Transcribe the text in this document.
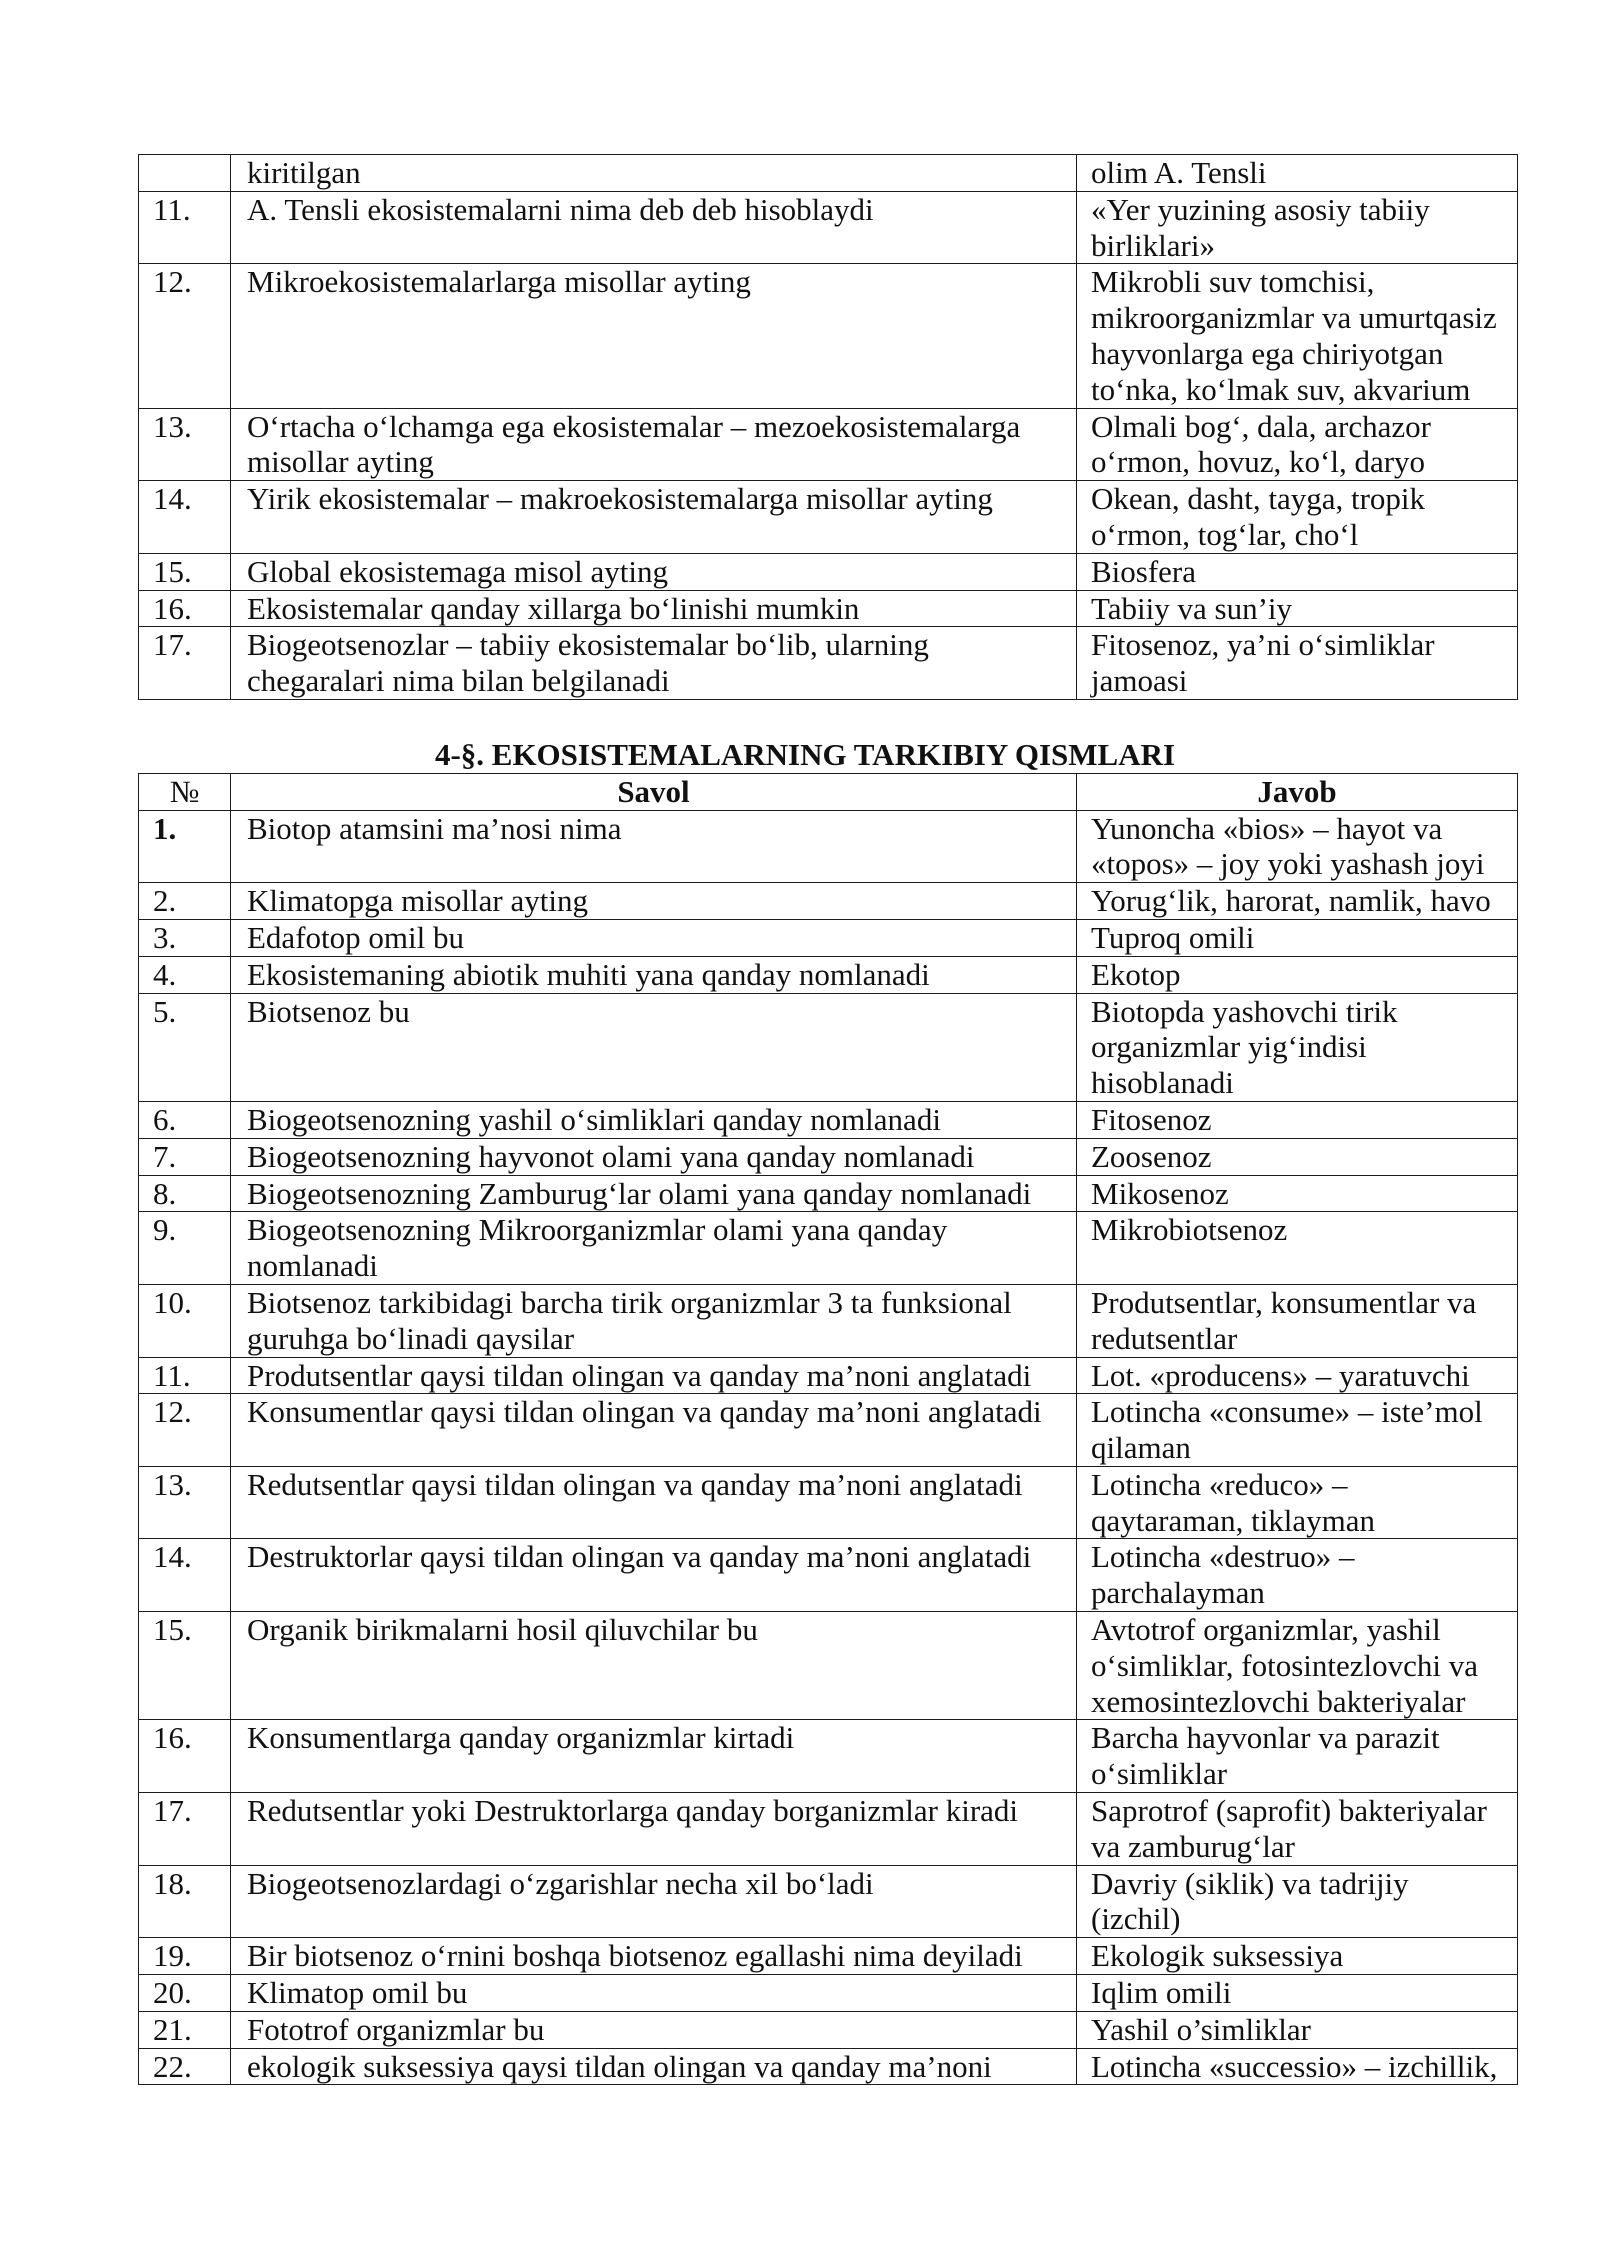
	kiritilgan	olim A. Tensli
11.	A. Tensli ekosistemalarni nima deb deb hisoblaydi	«Yer yuzining asosiy tabiiy birliklari»
12.	Mikroekosistemalarlarga misollar ayting	Mikrobli suv tomchisi, mikroorganizmlar va umurtqasiz hayvonlarga ega chiriyotgan to‘nka, ko‘lmak suv, akvarium
13.	O‘rtacha o‘lchamga ega ekosistemalar – mezoekosistemalarga misollar ayting	Olmali bog‘, dala, archazor o‘rmon, hovuz, ko‘l, daryo
14.	Yirik ekosistemalar – makroekosistemalarga misollar ayting	Okean, dasht, tayga, tropik o‘rmon, tog‘lar, cho‘l
15.	Global ekosistemaga misol ayting	Biosfera
16.	Ekosistemalar qanday xillarga bo‘linishi mumkin	Tabiiy va sun’iy
17.	Biogeotsenozlar – tabiiy ekosistemalar bo‘lib, ularning chegaralari nima bilan belgilanadi	Fitosenoz, ya’ni o‘simliklar jamoasi
4-§. EKOSISTEMALARNING TARKIBIY QISMLARI
№	Savol	Javob
1.	Biotop atamsini ma’nosi nima	Yunoncha «bios» – hayot va «topos» – joy yoki yashash joyi
2.	Klimatopga misollar ayting	Yorug‘lik, harorat, namlik, havo
3.	Edafotop omil bu	Tuproq omili
4.	Ekosistemaning abiotik muhiti yana qanday nomlanadi	Ekotop
5.	Biotsenoz bu	Biotopda yashovchi tirik organizmlar yig‘indisi hisoblanadi
6.	Biogeotsenozning yashil o‘simliklari qanday nomlanadi	Fitosenoz
7.	Biogeotsenozning hayvonot olami yana qanday nomlanadi	Zoosenoz
8.	Biogeotsenozning Zamburug‘lar olami yana qanday nomlanadi	Mikosenoz
9.	Biogeotsenozning Mikroorganizmlar olami yana qanday nomlanadi	Mikrobiotsenoz
10.	Biotsenoz tarkibidagi barcha tirik organizmlar 3 ta funksional guruhga bo‘linadi qaysilar	Produtsentlar, konsumentlar va redutsentlar
11.	Produtsentlar qaysi tildan olingan va qanday ma’noni anglatadi	Lot. «producens» – yaratuvchi
12.	Konsumentlar qaysi tildan olingan va qanday ma’noni anglatadi	Lotincha «consume» – iste’mol qilaman
13.	Redutsentlar qaysi tildan olingan va qanday ma’noni anglatadi	Lotincha «reduco» – qaytaraman, tiklayman
14.	Destruktorlar qaysi tildan olingan va qanday ma’noni anglatadi	Lotincha «destruo» – parchalayman
15.	Organik birikmalarni hosil qiluvchilar bu	Avtotrof organizmlar, yashil o‘simliklar, fotosintezlovchi va xemosintezlovchi bakteriyalar
16.	Konsumentlarga qanday organizmlar kirtadi	Barcha hayvonlar va parazit o‘simliklar
17.	Redutsentlar yoki Destruktorlarga qanday borganizmlar kiradi	Saprotrof (saprofit) bakteriyalar va zamburug‘lar
18.	Biogeotsenozlardagi o‘zgarishlar necha xil bo‘ladi	Davriy (siklik) va tadrijiy (izchil)
19.	Bir biotsenoz o‘rnini boshqa biotsenoz egallashi nima deyiladi	Ekologik suksessiya
20.	Klimatop omil bu	Iqlim omili
21.	Fototrof organizmlar bu	Yashil o’simliklar
22.	ekologik suksessiya qaysi tildan olingan va qanday ma’noni	Lotincha «successio» – izchillik,
